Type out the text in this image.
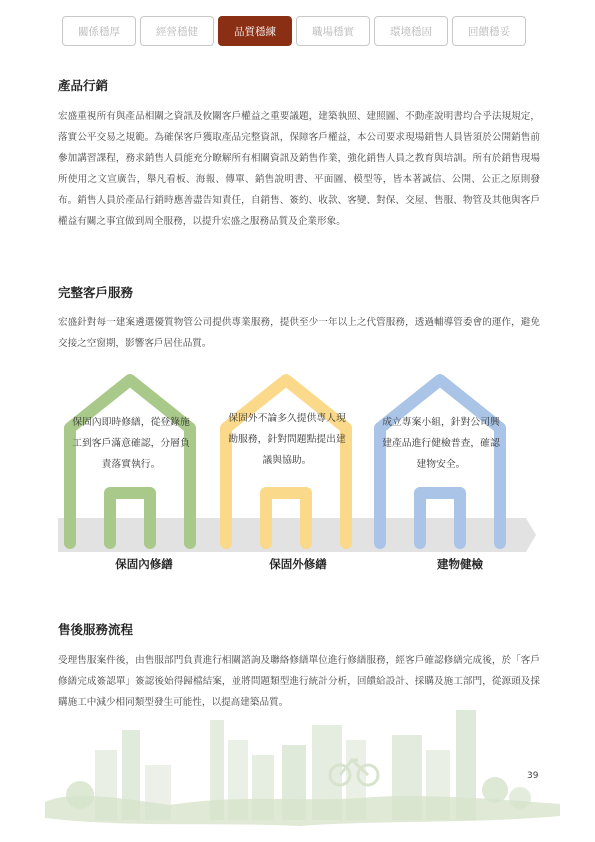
關係穩厚	經營穩健	品質穩練	職場穩實	環境穩固	回饋穩妥
產品行銷

宏盛重視所有與產品相關之資訊及攸關客戶權益之重要議題，建築執照、建照圖、不動產說明書均合乎法規規定，落實公平交易之規範。為確保客戶獲取產品完整資訊，保障客戶權益，本公司要求現場銷售人員皆須於公開銷售前參加講習課程，務求銷售人員能充分瞭解所有相關資訊及銷售作業，強化銷售人員之教育與培訓。所有於銷售現場所使用之文宣廣告，舉凡看板、海報、傳單、銷售說明書、平面圖、模型等，皆本著誠信、公開、公正之原則發布。銷售人員於產品行銷時應善盡告知責任，自銷售、簽約、收款、客變、對保、交屋、售服、物管及其他與客戶權益有關之事宜做到周全服務，以提升宏盛之服務品質及企業形象。

完整客戶服務

宏盛針對每一建案遴選優質物管公司提供專業服務，提供至少一年以上之代管服務，透過輔導管委會的運作，避免交接之空窗期，影響客戶居住品質。

保固內即時修繕，從登錄施工到客戶滿意確認，分層負責落實執行。
保固外不論多久提供專人現勘服務，針對問題點提出建議與協助。
成立專案小組，針對公司興建產品進行健檢普查，確認建物安全。
保固內修繕	保固外修繕	建物健檢
售後服務流程

受理售服案件後，由售服部門負責進行相關諮詢及聯絡修繕單位進行修繕服務，經客戶確認修繕完成後，於「客戶修繕完成簽認單」簽認後始得歸檔結案，並將問題類型進行統計分析，回饋給設計、採購及施工部門，從源頭及採購施工中減少相同類型發生可能性，以提高建築品質。

39
